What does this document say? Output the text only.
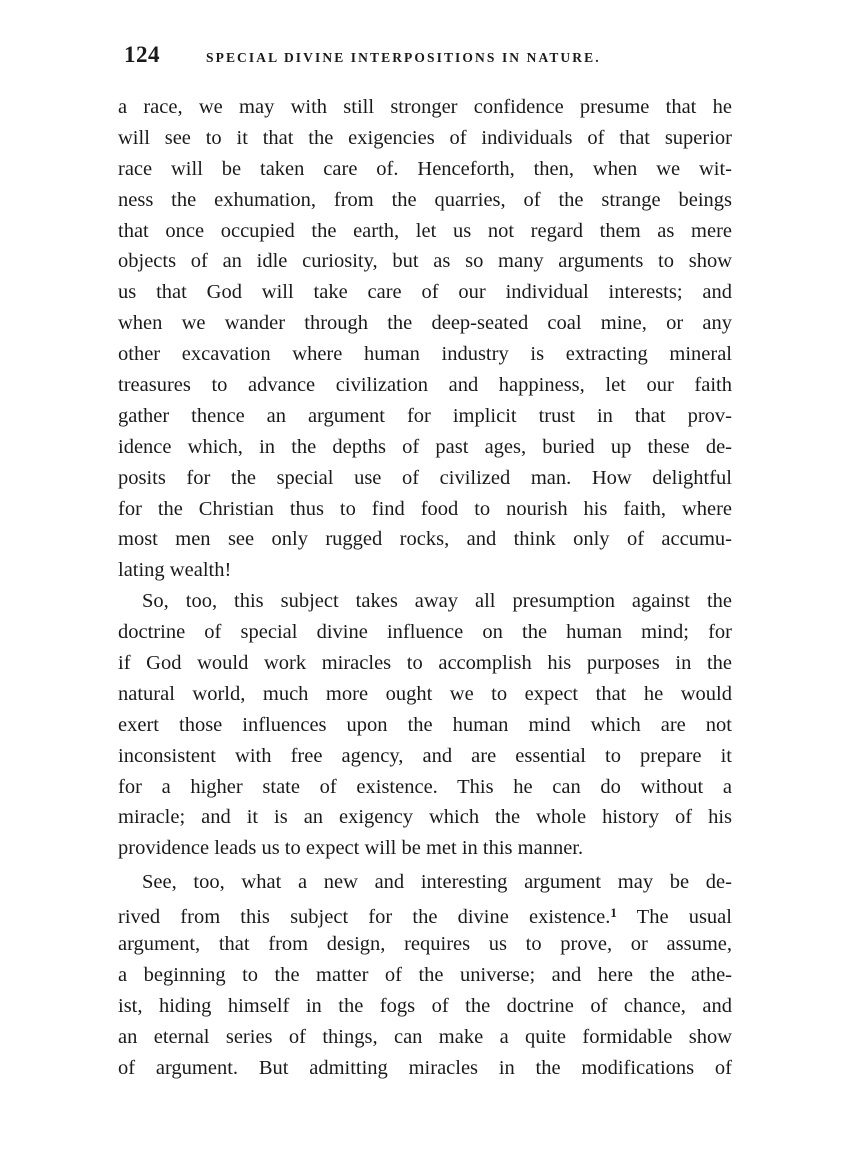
124	SPECIAL DIVINE INTERPOSITIONS IN NATURE.
a race, we may with still stronger confidence presume that he
will see to it that the exigencies of individuals of that superior
race will be taken care of. Henceforth, then, when we wit-
ness the exhumation, from the quarries, of the strange beings
that once occupied the earth, let us not regard them as mere
objects of an idle curiosity, but as so many arguments to show
us that God will take care of our individual interests; and
when we wander through the deep-seated coal mine, or any
other excavation where human industry is extracting mineral
treasures to advance civilization and happiness, let our faith
gather thence an argument for implicit trust in that prov-
idence which, in the depths of past ages, buried up these de-
posits for the special use of civilized man. How delightful
for the Christian thus to find food to nourish his faith, where
most men see only rugged rocks, and think only of accumu-
lating wealth!
So, too, this subject takes away all presumption against the
doctrine of special divine influence on the human mind; for
if God would work miracles to accomplish his purposes in the
natural world, much more ought we to expect that he would
exert those influences upon the human mind which are not
inconsistent with free agency, and are essential to prepare it
for a higher state of existence. This he can do without a
miracle; and it is an exigency which the whole history of his
providence leads us to expect will be met in this manner.
See, too, what a new and interesting argument may be de-
rived from this subject for the divine existence.$^1$ The usual
argument, that from design, requires us to prove, or assume,
a beginning to the matter of the universe; and here the athe-
ist, hiding himself in the fogs of the doctrine of chance, and
an eternal series of things, can make a quite formidable show
of argument. But admitting miracles in the modifications of
